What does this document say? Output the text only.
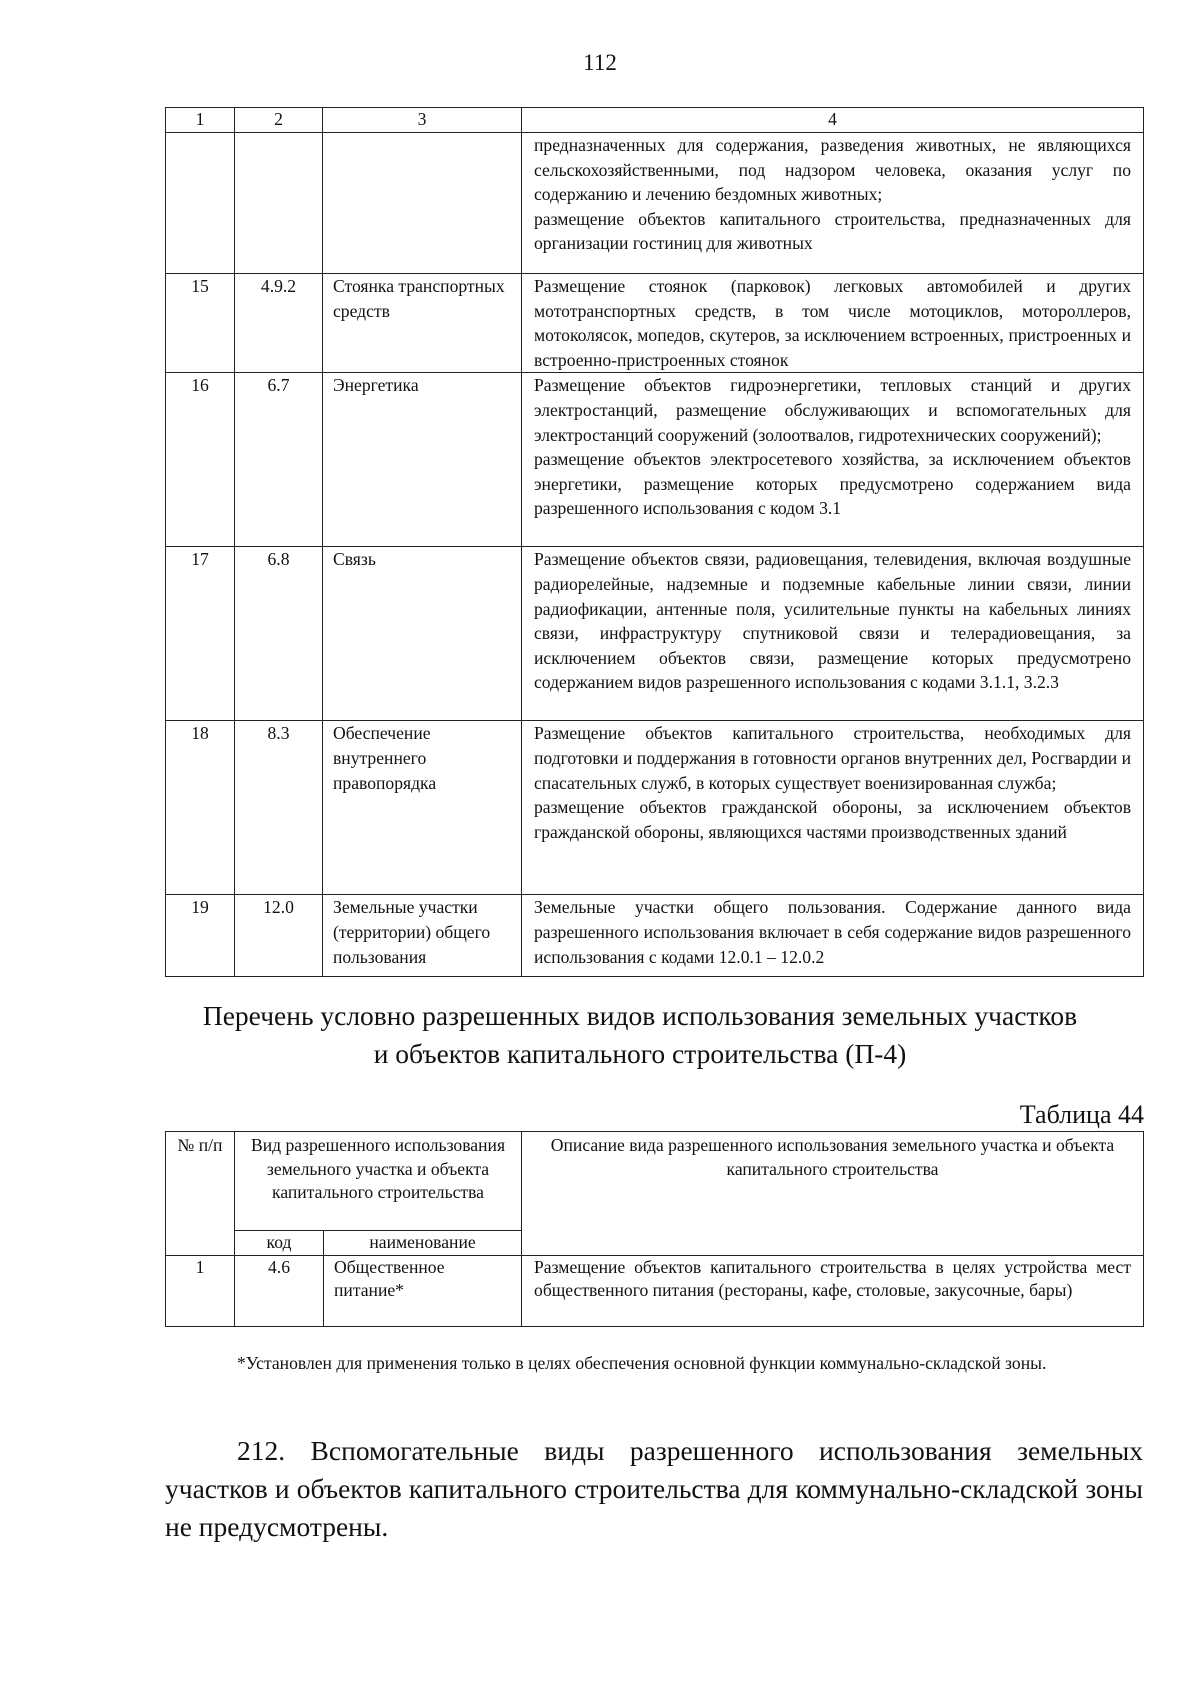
112
1	2	3	4

			предназначенных для содержания, разведения животных, не являющихся сельскохозяйственными, под надзором человека, оказания услуг по содержанию и лечению бездомных животных;
размещение объектов капитального строительства, предназначенных для организации гостиниц для животных

15	4.9.2	Стоянка транспортных средств	Размещение стоянок (парковок) легковых автомобилей и других мототранспортных средств, в том числе мотоциклов, мотороллеров, мотоколясок, мопедов, скутеров, за исключением встроенных, пристроенных и встроенно-пристроенных стоянок

16	6.7	Энергетика	Размещение объектов гидроэнергетики, тепловых станций и других электростанций, размещение обслуживающих и вспомогательных для электростанций сооружений (золоотвалов, гидротехнических сооружений);
размещение объектов электросетевого хозяйства, за исключением объектов энергетики, размещение которых предусмотрено содержанием вида разрешенного использования с кодом 3.1

17	6.8	Связь	Размещение объектов связи, радиовещания, телевидения, включая воздушные радиорелейные, надземные и подземные кабельные линии связи, линии радиофикации, антенные поля, усилительные пункты на кабельных линиях связи, инфраструктуру спутниковой связи и телерадиовещания, за исключением объектов связи, размещение которых предусмотрено содержанием видов разрешенного использования с кодами 3.1.1, 3.2.3

18	8.3	Обеспечение внутреннего правопорядка	Размещение объектов капитального строительства, необходимых для подготовки и поддержания в готовности органов внутренних дел, Росгвардии и спасательных служб, в которых существует военизированная служба;
размещение объектов гражданской обороны, за исключением объектов гражданской обороны, являющихся частями производственных зданий

19	12.0	Земельные участки (территории) общего пользования	Земельные участки общего пользования. Содержание данного вида разрешенного использования включает в себя содержание видов разрешенного использования с кодами 12.0.1 – 12.0.2
Перечень условно разрешенных видов использования земельных участков
и объектов капитального строительства (П-4)
Таблица 44
№ п/п	Вид разрешенного использования земельного участка и объекта капитального строительства		Описание вида разрешенного использования земельного участка и объекта капитального строительства
	код	наименование	
1	4.6	Общественное питание*	Размещение объектов капитального строительства в целях устройства мест общественного питания (рестораны, кафе, столовые, закусочные, бары)
*Установлен для применения только в целях обеспечения основной функции коммунально-складской зоны.
212. Вспомогательные виды разрешенного использования земельных участков и объектов капитального строительства для коммунально-складской зоны не предусмотрены.
